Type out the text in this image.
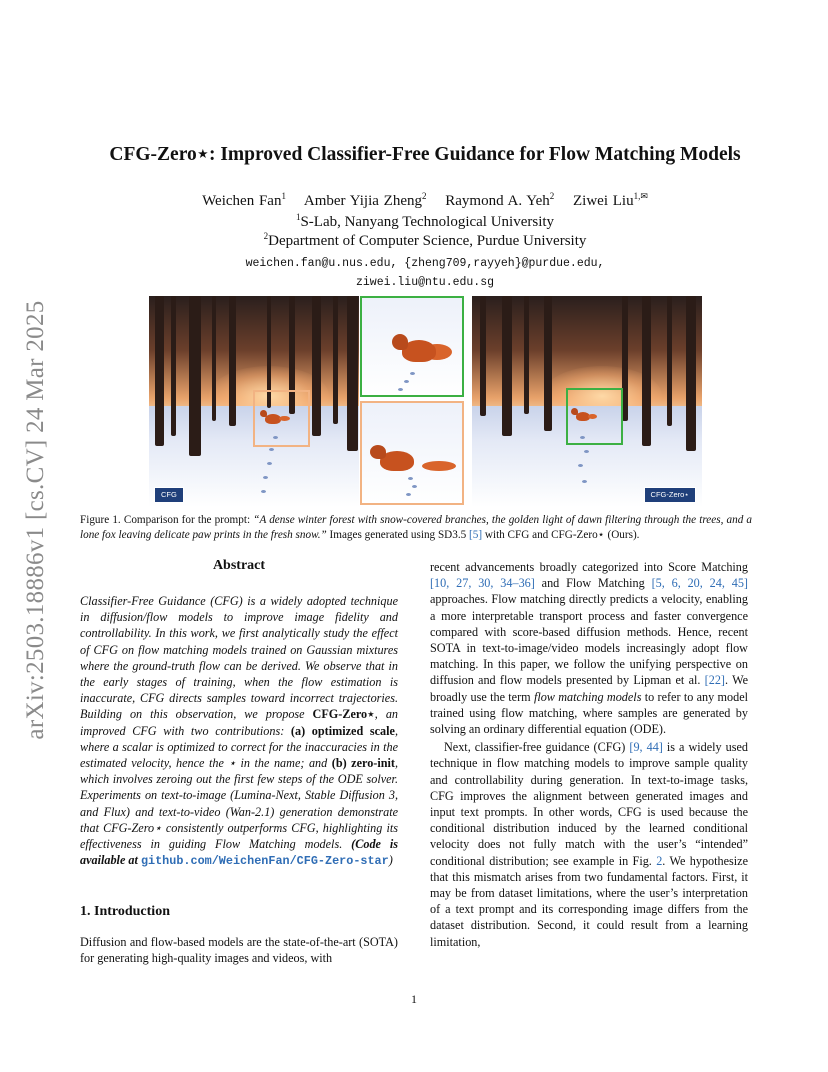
arXiv:2503.18886v1 [cs.CV] 24 Mar 2025
CFG-Zero⋆: Improved Classifier-Free Guidance for Flow Matching Models
Weichen Fan$^1$ Amber Yijia Zheng$^2$ Raymond A. Yeh$^2$ Ziwei Liu$^{1,✉}$
$^1$S-Lab, Nanyang Technological University
$^2$Department of Computer Science, Purdue University
weichen.fan@u.nus.edu, {zheng709,rayyeh}@purdue.edu,
ziwei.liu@ntu.edu.sg
CFG	CFG-Zero⋆
Figure 1. Comparison for the prompt: “A dense winter forest with snow-covered branches, the golden light of dawn filtering through the trees, and a lone fox leaving delicate paw prints in the fresh snow.” Images generated using SD3.5 [5] with CFG and CFG-Zero⋆ (Ours).
Abstract
Classifier-Free Guidance (CFG) is a widely adopted technique in diffusion/flow models to improve image fidelity and controllability. In this work, we first analytically study the effect of CFG on flow matching models trained on Gaussian mixtures where the ground-truth flow can be derived. We observe that in the early stages of training, when the flow estimation is inaccurate, CFG directs samples toward incorrect trajectories. Building on this observation, we propose CFG-Zero⋆, an improved CFG with two contributions: (a) optimized scale, where a scalar is optimized to correct for the inaccuracies in the estimated velocity, hence the ⋆ in the name; and (b) zero-init, which involves zeroing out the first few steps of the ODE solver. Experiments on text-to-image (Lumina-Next, Stable Diffusion 3, and Flux) and text-to-video (Wan-2.1) generation demonstrate that CFG-Zero⋆ consistently outperforms CFG, highlighting its effectiveness in guiding Flow Matching models. (Code is available at github.com/WeichenFan/CFG-Zero-star)
1. Introduction
Diffusion and flow-based models are the state-of-the-art (SOTA) for generating high-quality images and videos, with

recent advancements broadly categorized into Score Matching [10, 27, 30, 34–36] and Flow Matching [5, 6, 20, 24, 45] approaches. Flow matching directly predicts a velocity, enabling a more interpretable transport process and faster convergence compared with score-based diffusion methods. Hence, recent SOTA in text-to-image/video models increasingly adopt flow matching. In this paper, we follow the unifying perspective on diffusion and flow models presented by Lipman et al. [22]. We broadly use the term flow matching models to refer to any model trained using flow matching, where samples are generated by solving an ordinary differential equation (ODE).

Next, classifier-free guidance (CFG) [9, 44] is a widely used technique in flow matching models to improve sample quality and controllability during generation. In text-to-image tasks, CFG improves the alignment between generated images and input text prompts. In other words, CFG is used because the conditional distribution induced by the learned conditional velocity does not fully match with the user’s “intended” conditional distribution; see example in Fig. 2. We hypothesize that this mismatch arises from two fundamental factors. First, it may be from dataset limitations, where the user’s interpretation of a text prompt and its corresponding image differs from the dataset distribution. Second, it could result from a learning limitation,

1
